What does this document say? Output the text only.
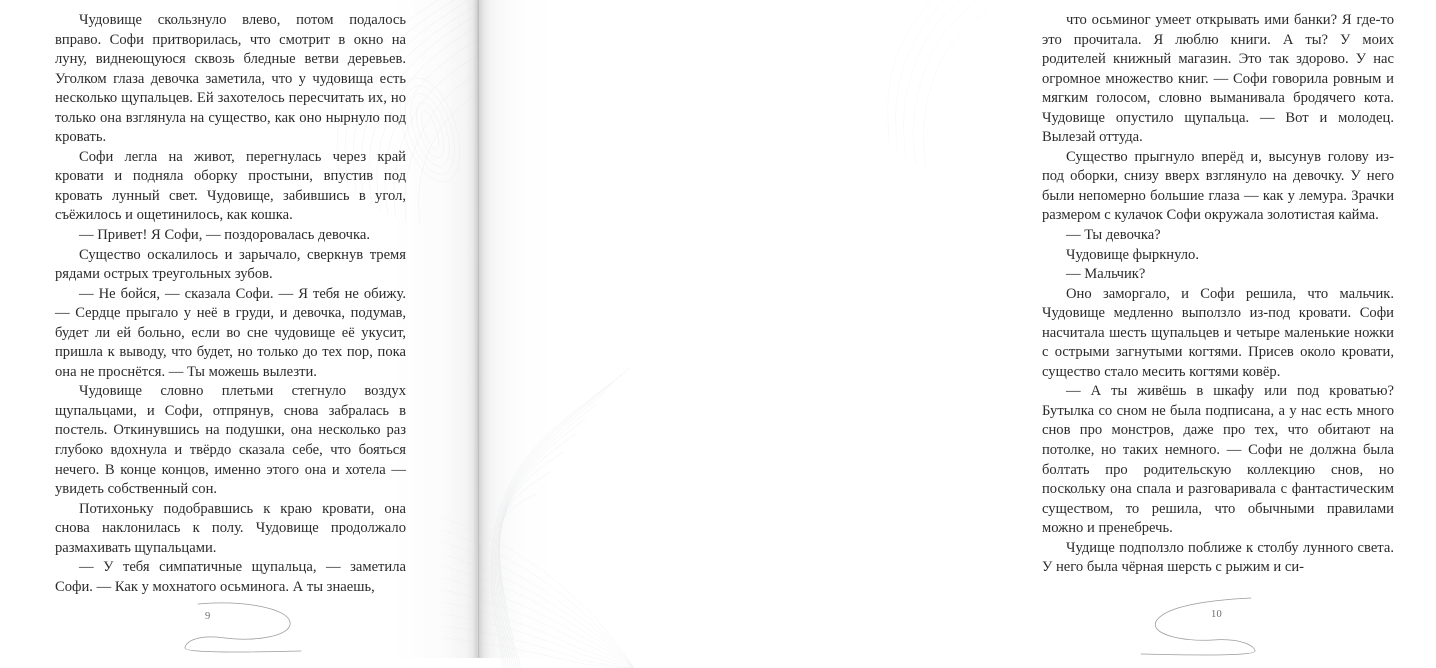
Чудовище скользнуло влево, потом подалось вправо. Софи притворилась, что смотрит в окно на луну, виднеющуюся сквозь бледные ветви деревьев. Уголком глаза девочка заметила, что у чудовища есть несколько щупальцев. Ей захотелось пересчитать их, но только она взглянула на существо, как оно нырнуло под кровать.

Софи легла на живот, перегнулась через край кровати и подняла оборку простыни, впустив под кровать лунный свет. Чудовище, забившись в угол, съёжилось и ощетинилось, как кошка.

— Привет! Я Софи, — поздоровалась девочка.

Существо оскалилось и зарычало, сверкнув тремя рядами острых треугольных зубов.

— Не бойся, — сказала Софи. — Я тебя не обижу. — Сердце прыгало у неё в груди, и девочка, подумав, будет ли ей больно, если во сне чудовище её укусит, пришла к выводу, что будет, но только до тех пор, пока она не проснётся. — Ты можешь вылезти.

Чудовище словно плетьми стегнуло воздух щупальцами, и Софи, отпрянув, снова забралась в постель. Откинувшись на подушки, она несколько раз глубоко вдохнула и твёрдо сказала себе, что бояться нечего. В конце концов, именно этого она и хотела — увидеть собственный сон.

Потихоньку подобравшись к краю кровати, она снова наклонилась к полу. Чудовище продолжало размахивать щупальцами.

— У тебя симпатичные щупальца, — заметила Софи. — Как у мохнатого осьминога. А ты знаешь,

9

что осьминог умеет открывать ими банки? Я где-то это прочитала. Я люблю книги. А ты? У моих родителей книжный магазин. Это так здорово. У нас огромное множество книг. — Софи говорила ровным и мягким голосом, словно выманивала бродячего кота. Чудовище опустило щупальца. — Вот и молодец. Вылезай оттуда.

Существо прыгнуло вперёд и, высунув голову из-под оборки, снизу вверх взглянуло на девочку. У него были непомерно большие глаза — как у лемура. Зрачки размером с кулачок Софи окружала золотистая кайма.

— Ты девочка?

Чудовище фыркнуло.

— Мальчик?

Оно заморгало, и Софи решила, что мальчик. Чудовище медленно выползло из-под кровати. Софи насчитала шесть щупальцев и четыре маленькие ножки с острыми загнутыми когтями. Присев около кровати, существо стало месить когтями ковёр.

— А ты живёшь в шкафу или под кроватью? Бутылка со сном не была подписана, а у нас есть много снов про монстров, даже про тех, что обитают на потолке, но таких немного. — Софи не должна была болтать про родительскую коллекцию снов, но поскольку она спала и разговаривала с фантастическим существом, то решила, что обычными правилами можно и пренебречь.

Чудище подползло поближе к столбу лунного света. У него была чёрная шерсть с рыжим и си-

10
